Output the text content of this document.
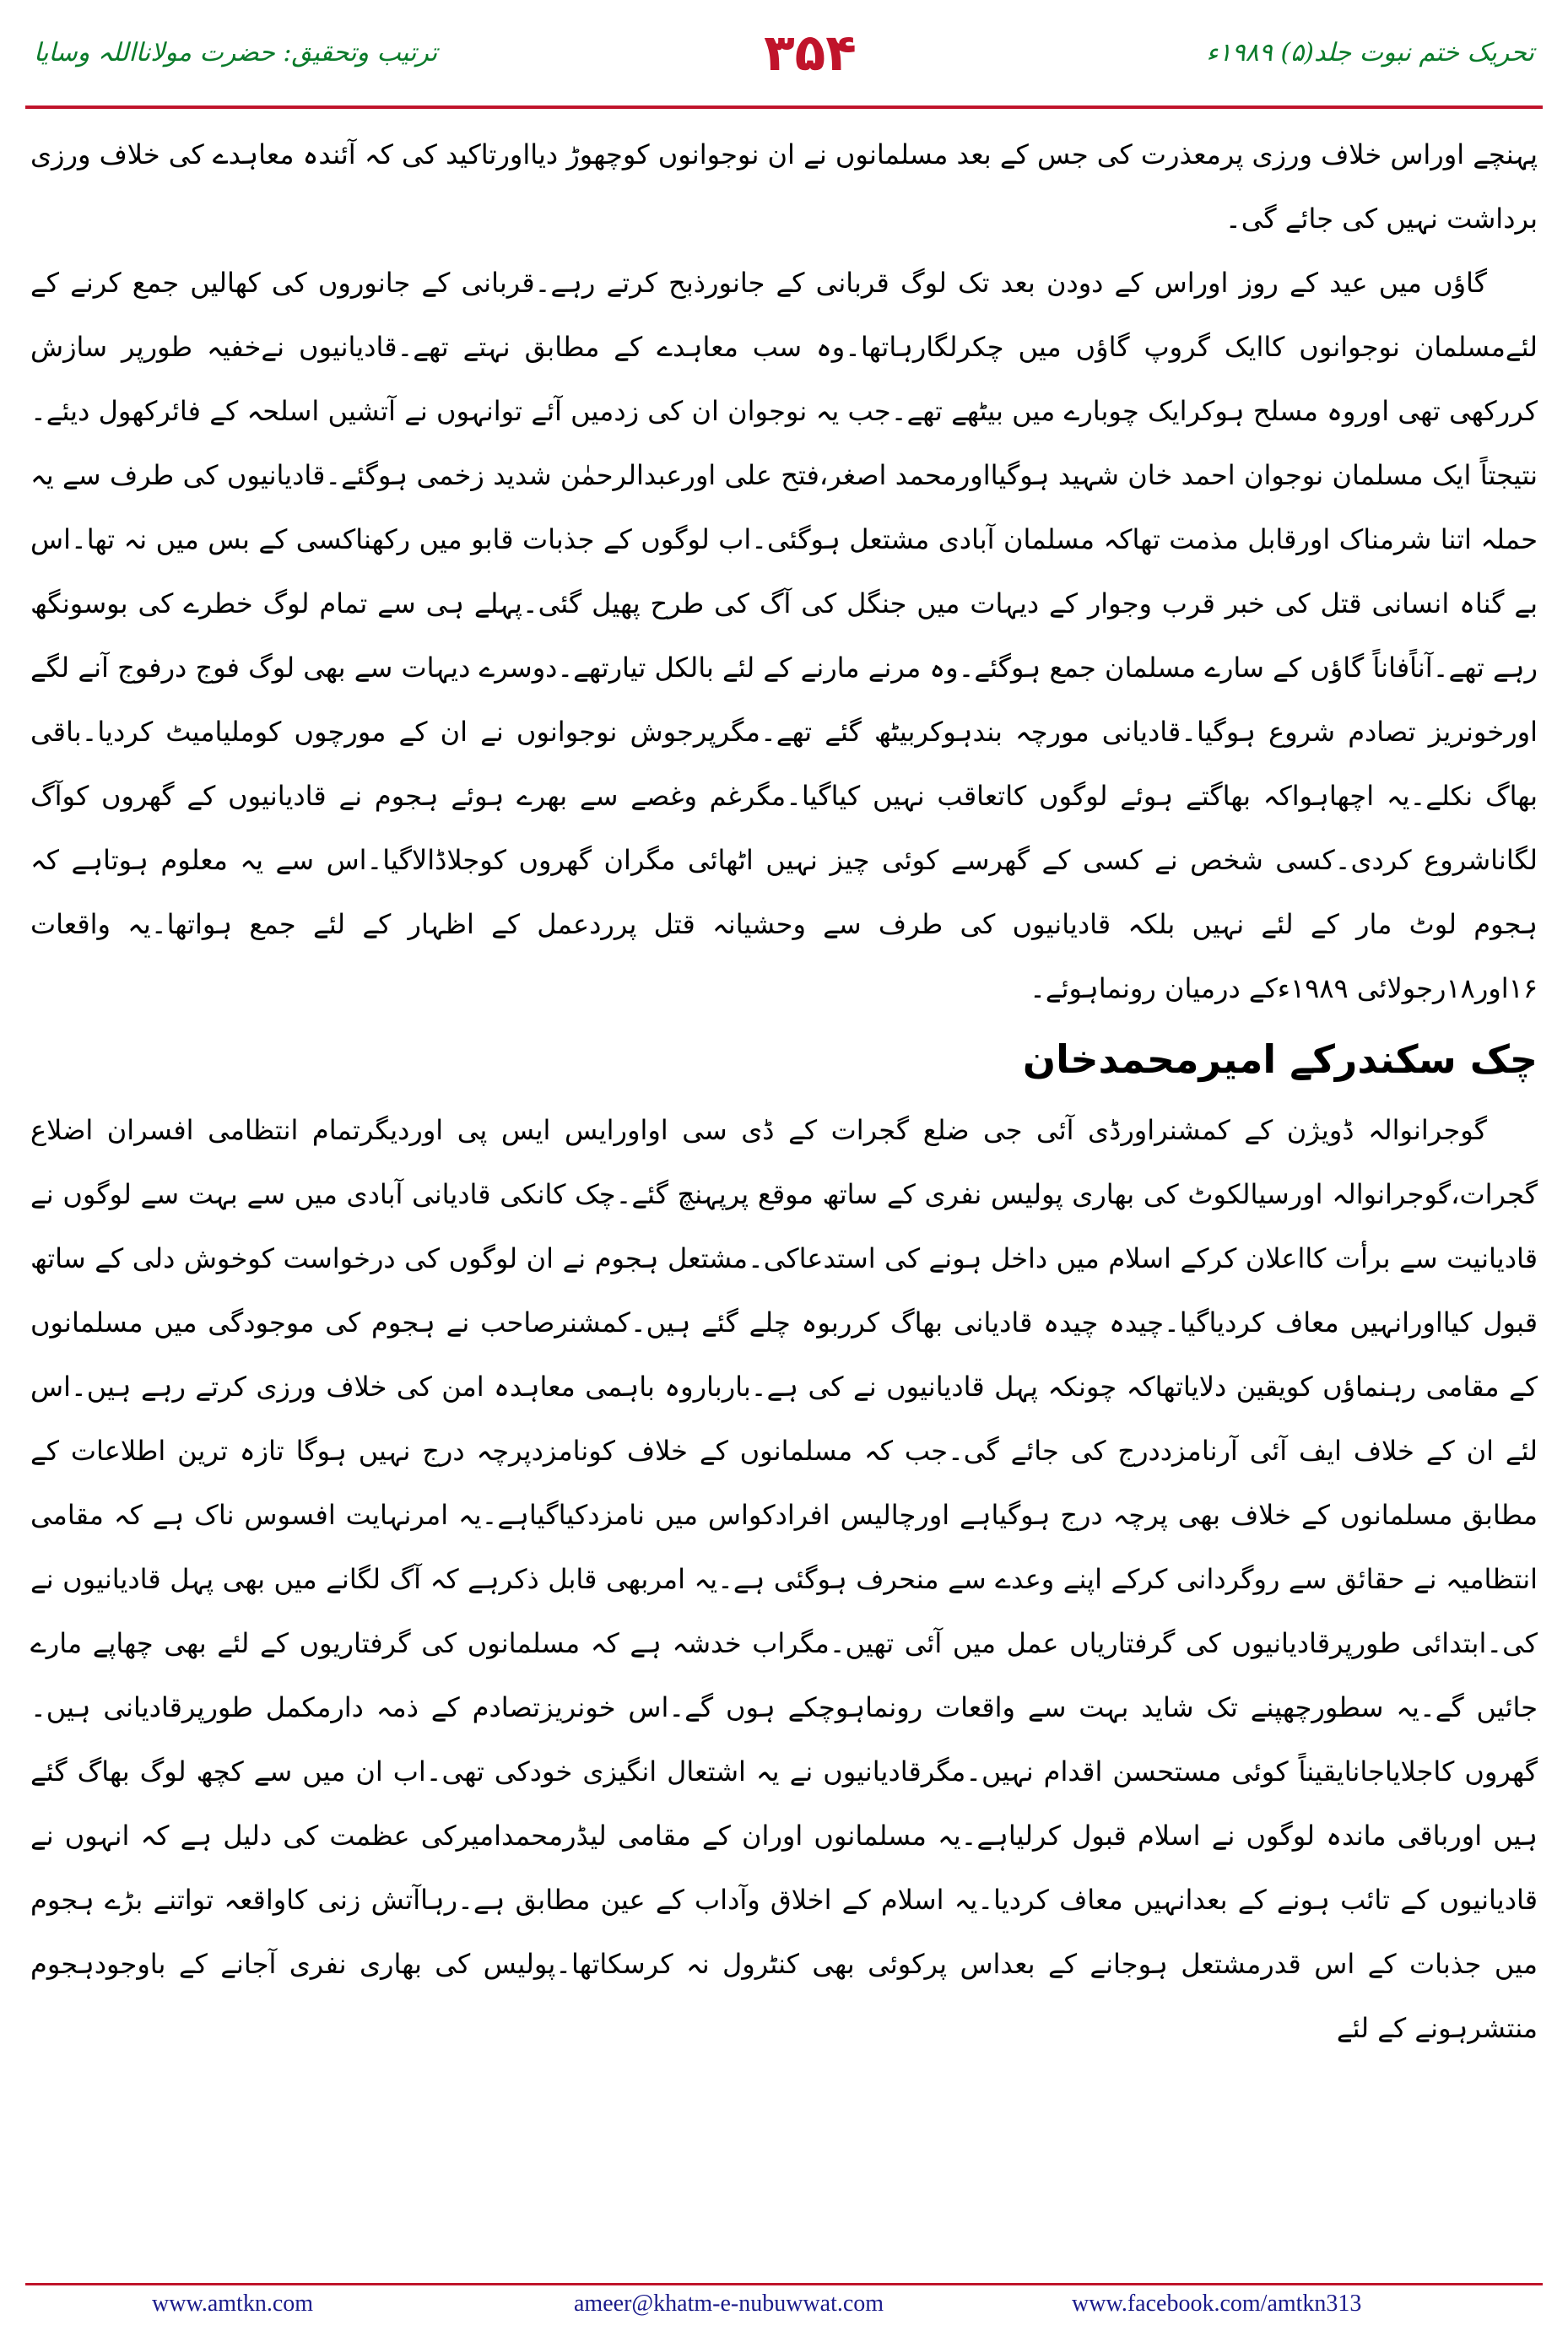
ترتیب وتحقیق: حضرت مولانااللہ وسایا	۳۵۴	تحریک ختم نبوت جلد(۵) ۱۹۸۹ء

پہنچے اوراس خلاف ورزی پرمعذرت کی جس کے بعد مسلمانوں نے ان نوجوانوں کوچھوڑ دیااورتاکید کی کہ آئندہ معاہدے کی خلاف ورزی برداشت نہیں کی جائے گی۔

گاؤں میں عید کے روز اوراس کے دودن بعد تک لوگ قربانی کے جانورذبح کرتے رہے۔قربانی کے جانوروں کی کھالیں جمع کرنے کے لئےمسلمان نوجوانوں کاایک گروپ گاؤں میں چکرلگارہاتھا۔وہ سب معاہدے کے مطابق نہتے تھے۔قادیانیوں نےخفیہ طورپر سازش کررکھی تھی اوروہ مسلح ہوکرایک چوبارے میں بیٹھے تھے۔جب یہ نوجوان ان کی زدمیں آئے توانہوں نے آتشیں اسلحہ کے فائرکھول دیئے۔نتیجتاً ایک مسلمان نوجوان احمد خان شہید ہوگیااورمحمد اصغر،فتح علی اورعبدالرحمٰن شدید زخمی ہوگئے۔قادیانیوں کی طرف سے یہ حملہ اتنا شرمناک اورقابل مذمت تھاکہ مسلمان آبادی مشتعل ہوگئی۔اب لوگوں کے جذبات قابو میں رکھناکسی کے بس میں نہ تھا۔اس بے گناہ انسانی قتل کی خبر قرب وجوار کے دیہات میں جنگل کی آگ کی طرح پھیل گئی۔پہلے ہی سے تمام لوگ خطرے کی بوسونگھ رہے تھے۔آناًفاناً گاؤں کے سارے مسلمان جمع ہوگئے۔وہ مرنے مارنے کے لئے بالکل تیارتھے۔دوسرے دیہات سے بھی لوگ فوج درفوج آنے لگے اورخونریز تصادم شروع ہوگیا۔قادیانی مورچہ بندہوکربیٹھ گئے تھے۔مگرپرجوش نوجوانوں نے ان کے مورچوں کوملیامیٹ کردیا۔باقی بھاگ نکلے۔یہ اچھاہواکہ بھاگتے ہوئے لوگوں کاتعاقب نہیں کیاگیا۔مگرغم وغصے سے بھرے ہوئے ہجوم نے قادیانیوں کے گھروں کوآگ لگاناشروع کردی۔کسی شخص نے کسی کے گھرسے کوئی چیز نہیں اٹھائی مگران گھروں کوجلاڈالاگیا۔اس سے یہ معلوم ہوتاہے کہ ہجوم لوٹ مار کے لئے نہیں بلکہ قادیانیوں کی طرف سے وحشیانہ قتل پرردعمل کے اظہار کے لئے جمع ہواتھا۔یہ واقعات ۱۶اور۱۸رجولائی ۱۹۸۹ءکے درمیان رونماہوئے۔

چک سکندرکے امیرمحمدخان

گوجرانوالہ ڈویژن کے کمشنراورڈی آئی جی ضلع گجرات کے ڈی سی اواورایس ایس پی اوردیگرتمام انتظامی افسران اضلاع گجرات،گوجرانوالہ اورسیالکوٹ کی بھاری پولیس نفری کے ساتھ موقع پرپہنچ گئے۔چک کانکی قادیانی آبادی میں سے بہت سے لوگوں نے قادیانیت سے برأت کااعلان کرکے اسلام میں داخل ہونے کی استدعاکی۔مشتعل ہجوم نے ان لوگوں کی درخواست کوخوش دلی کے ساتھ قبول کیااورانہیں معاف کردیاگیا۔چیدہ چیدہ قادیانی بھاگ کرربوہ چلے گئے ہیں۔کمشنرصاحب نے ہجوم کی موجودگی میں مسلمانوں کے مقامی رہنماؤں کویقین دلایاتھاکہ چونکہ پہل قادیانیوں نے کی ہے۔بارباروہ باہمی معاہدہ امن کی خلاف ورزی کرتے رہے ہیں۔اس لئے ان کے خلاف ایف آئی آرنامزددرج کی جائے گی۔جب کہ مسلمانوں کے خلاف کونامزدپرچہ درج نہیں ہوگا تازہ ترین اطلاعات کے مطابق مسلمانوں کے خلاف بھی پرچہ درج ہوگیاہے اورچالیس افرادکواس میں نامزدکیاگیاہے۔یہ امرنہایت افسوس ناک ہے کہ مقامی انتظامیہ نے حقائق سے روگردانی کرکے اپنے وعدے سے منحرف ہوگئی ہے۔یہ امربھی قابل ذکرہے کہ آگ لگانے میں بھی پہل قادیانیوں نے کی۔ابتدائی طورپرقادیانیوں کی گرفتاریاں عمل میں آئی تھیں۔مگراب خدشہ ہے کہ مسلمانوں کی گرفتاریوں کے لئے بھی چھاپے مارے جائیں گے۔یہ سطورچھپنے تک شاید بہت سے واقعات رونماہوچکے ہوں گے۔اس خونریزتصادم کے ذمہ دارمکمل طورپرقادیانی ہیں۔گھروں کاجلایاجانایقیناً کوئی مستحسن اقدام نہیں۔مگرقادیانیوں نے یہ اشتعال انگیزی خودکی تھی۔اب ان میں سے کچھ لوگ بھاگ گئے ہیں اورباقی ماندہ لوگوں نے اسلام قبول کرلیاہے۔یہ مسلمانوں اوران کے مقامی لیڈرمحمدامیرکی عظمت کی دلیل ہے کہ انہوں نے قادیانیوں کے تائب ہونے کے بعدانہیں معاف کردیا۔یہ اسلام کے اخلاق وآداب کے عین مطابق ہے۔رہاآتش زنی کاواقعہ تواتنے بڑے ہجوم میں جذبات کے اس قدرمشتعل ہوجانے کے بعداس پرکوئی بھی کنٹرول نہ کرسکاتھا۔پولیس کی بھاری نفری آجانے کے باوجودہجوم منتشرہونے کے لئے

www.amtkn.com	ameer@khatm-e-nubuwwat.com	www.facebook.com/amtkn313
